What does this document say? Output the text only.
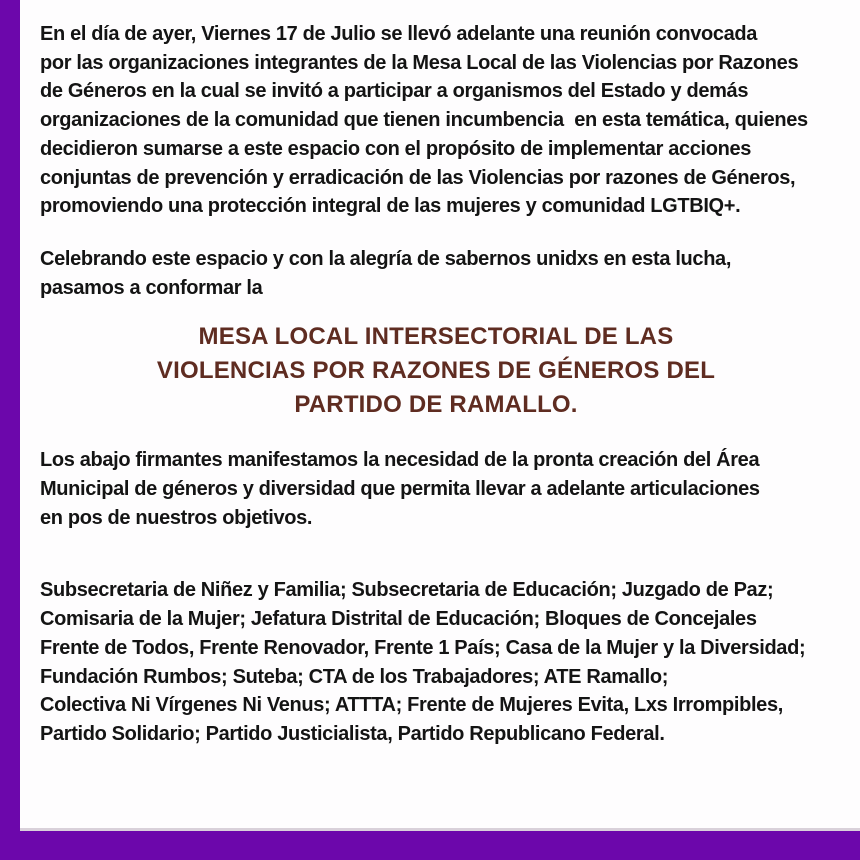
En el día de ayer, Viernes 17 de Julio se llevó adelante una reunión convocada
por las organizaciones integrantes de la Mesa Local de las Violencias por Razones
de Géneros en la cual se invitó a participar a organismos del Estado y demás
organizaciones de la comunidad que tienen incumbencia  en esta temática, quienes
decidieron sumarse a este espacio con el propósito de implementar acciones
conjuntas de prevención y erradicación de las Violencias por razones de Géneros,
promoviendo una protección integral de las mujeres y comunidad LGTBIQ+.

Celebrando este espacio y con la alegría de sabernos unidxs en esta lucha,
pasamos a conformar la

MESA LOCAL INTERSECTORIAL DE LAS
VIOLENCIAS POR RAZONES DE GÉNEROS DEL
PARTIDO DE RAMALLO.

Los abajo firmantes manifestamos la necesidad de la pronta creación del Área
Municipal de géneros y diversidad que permita llevar a adelante articulaciones
en pos de nuestros objetivos.

Subsecretaria de Niñez y Familia; Subsecretaria de Educación; Juzgado de Paz;
Comisaria de la Mujer; Jefatura Distrital de Educación; Bloques de Concejales
Frente de Todos, Frente Renovador, Frente 1 País; Casa de la Mujer y la Diversidad;
Fundación Rumbos; Suteba; CTA de los Trabajadores; ATE Ramallo;
Colectiva Ni Vírgenes Ni Venus; ATTTA; Frente de Mujeres Evita, Lxs Irrompibles,
Partido Solidario; Partido Justicialista, Partido Republicano Federal.
